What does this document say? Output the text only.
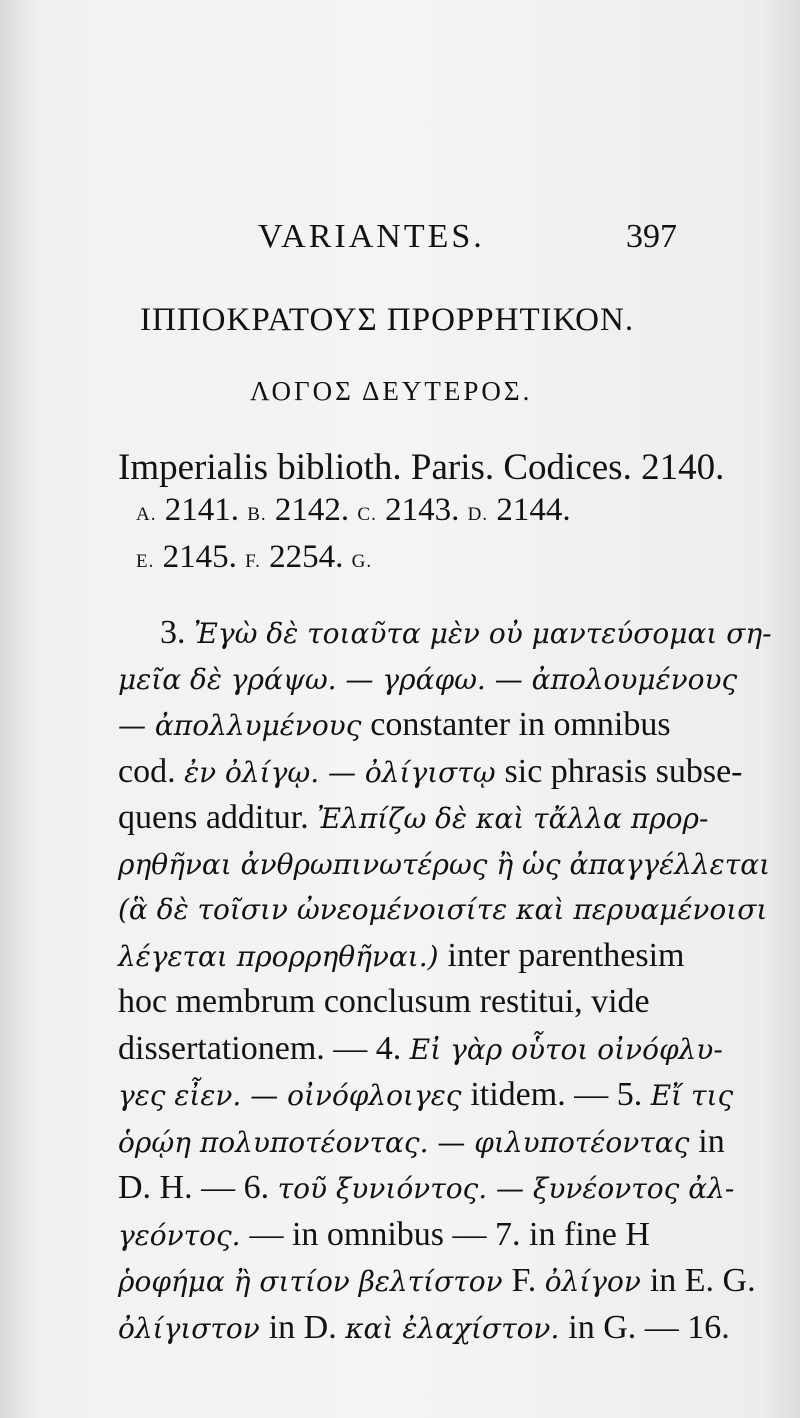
VARIANTES.	397
ΙΠΠΟΚΡΑΤΟΥΣ ΠΡΟΡΡΗΤΙΚΟΝ.
ΛΟΓΟΣ ΔΕΥΤΕΡΟΣ.
Imperialis biblioth. Paris. Codices. 2140.
A. 2141. B. 2142. C. 2143. D. 2144.
E. 2145. F. 2254. G.
3. Ἐγὼ δὲ τοιαῦτα μὲν οὐ μαντεύσομαι ση-
μεῖα δὲ γράψω. — γράφω. — ἀπολουμένους
— ἀπολλυμένους constanter in omnibus
cod. ἐν ὀλίγῳ. — ὀλίγιστῳ sic phrasis subse-
quens additur. Ἐλπίζω δὲ καὶ τἄλλα προρ-
ρηθῆναι ἀνθρωπινωτέρως ἢ ὡς ἀπαγγέλλεται
(ἃ δὲ τοῖσιν ὠνεομένοισίτε καὶ περυαμένοισι
λέγεται προρρηθῆναι.) inter parenthesim
hoc membrum conclusum restitui, vide
dissertationem. — 4. Εἰ γὰρ οὗτοι οἰνόφλυ-
γες εἶεν. — οἰνόφλοιγες itidem. — 5. Εἴ τις
ὁρῴη πολυποτέοντας. — φιλυποτέοντας in
D. H. — 6. τοῦ ξυνιόντος. — ξυνέοντος ἀλ-
γεόντος. — in omnibus — 7. in fine H
ῥοφήμα ἢ σιτίον βελτίστον F. ὀλίγον in E. G.
ὀλίγιστον in D. καὶ ἐλαχίστον. in G. — 16.
